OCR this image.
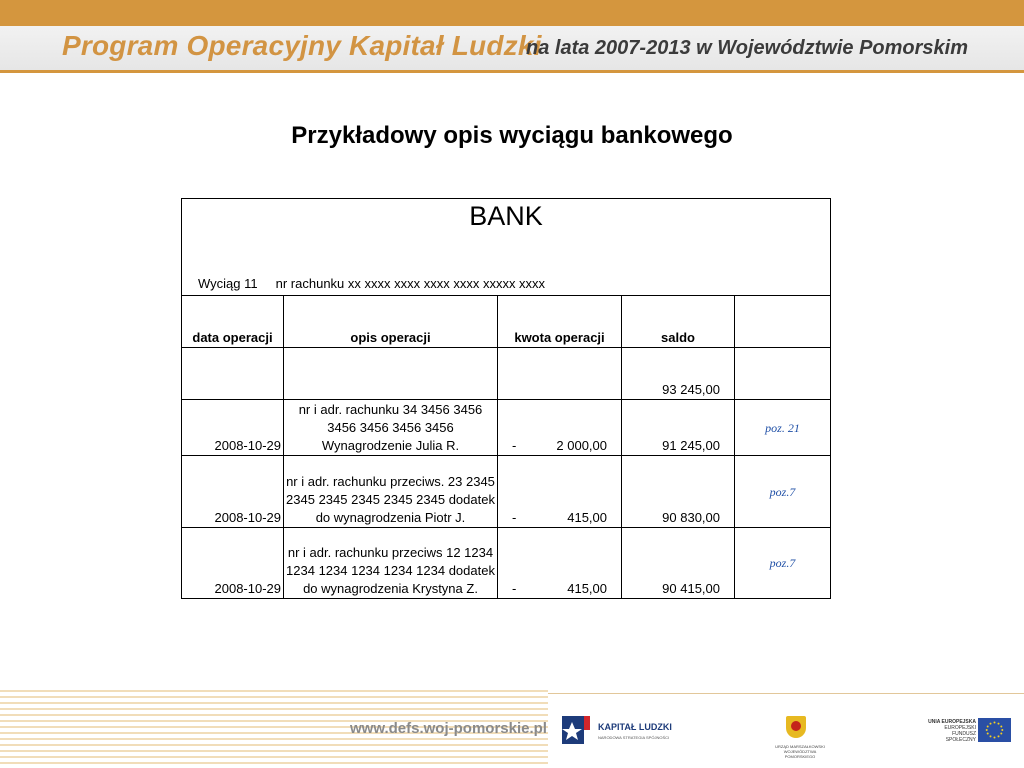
Program Operacyjny Kapitał Ludzki
na lata 2007-2013 w Województwie Pomorskim
Przykładowy opis wyciągu bankowego
BANK
Wyciąg 11 nr rachunku xx xxxx xxxx xxxx xxxx xxxxx xxxx				

data operacji	opis operacji	kwota operacji	saldo	
			93 245,00	
2008-10-29	nr i adr. rachunku 34 3456 3456 3456 3456 3456 3456 Wynagrodzenie Julia R.	- 2 000,00	91 245,00	poz. 21
2008-10-29	nr i adr. rachunku przeciws. 23 2345 2345 2345 2345 2345 2345 dodatek do wynagrodzenia Piotr J.	- 415,00	90 830,00	poz.7
2008-10-29	nr i adr. rachunku przeciws 12 1234 1234 1234 1234 1234 1234 dodatek do wynagrodzenia Krystyna Z.	- 415,00	90 415,00	poz.7
www.defs.woj-pomorskie.pl	KAPITAŁ LUDZKI
NARODOWA STRATEGIA SPÓJNOŚCI
URZĄD MARSZAŁKOWSKI WOJEWÓDZTWA POMORSKIEGO
UNIA EUROPEJSKA
EUROPEJSKI FUNDUSZ SPOŁECZNY
